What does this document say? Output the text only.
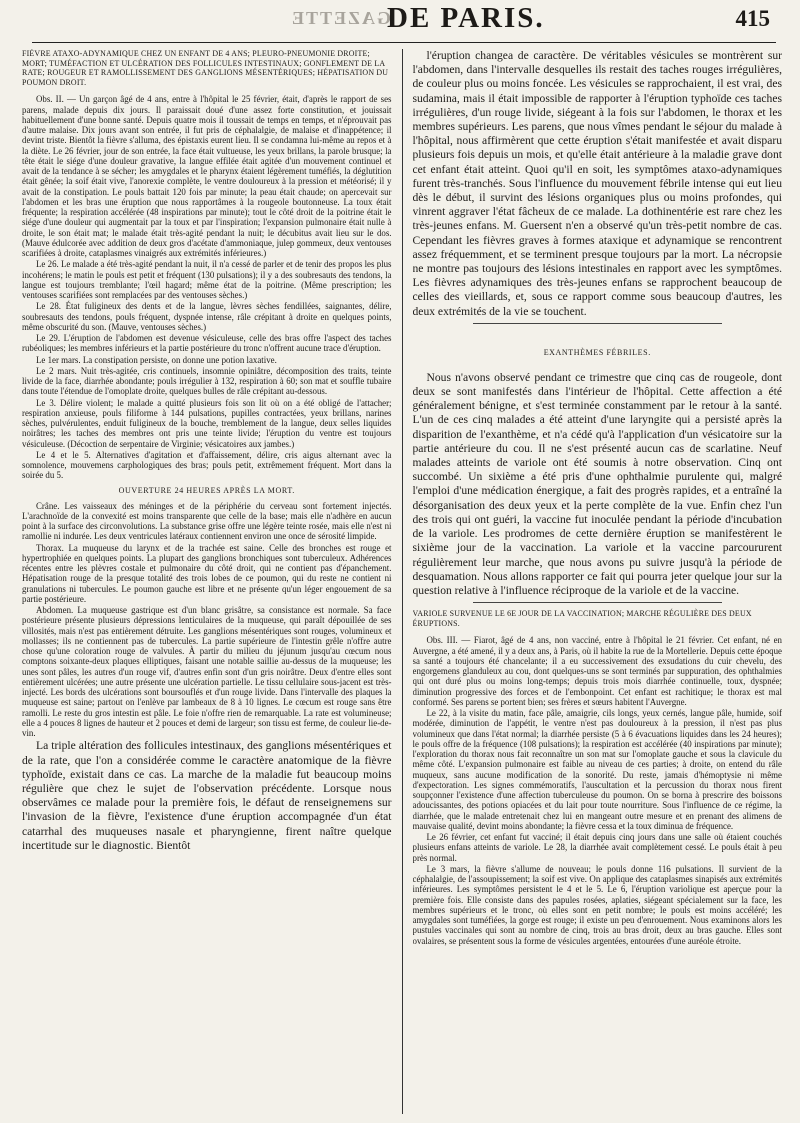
GAZETTE
DE PARIS.	415

FIÈVRE ATAXO-ADYNAMIQUE CHEZ UN ENFANT DE 4 ANS; PLEURO-PNEUMONIE DROITE; MORT; TUMÉFACTION ET ULCÉRATION DES FOLLICULES INTESTINAUX; GONFLEMENT DE LA RATE; ROUGEUR ET RAMOLLISSEMENT DES GANGLIONS MÉSENTÉRIQUES; HÉPATISATION DU POUMON DROIT.

Obs. II. — Un garçon âgé de 4 ans, entre à l'hôpital le 25 février, était, d'après le rapport de ses parens, malade depuis dix jours. Il paraissait doué d'une assez forte constitution, et jouissait habituellement d'une bonne santé. Depuis quatre mois il toussait de temps en temps, et n'éprouvait pas d'autre malaise. Dix jours avant son entrée, il fut pris de céphalalgie, de malaise et d'inappétence; il devint triste. Bientôt la fièvre s'alluma, des épistaxis eurent lieu. Il se condamna lui-même au repos et à la diète. Le 26 février, jour de son entrée, la face était vultueuse, les yeux brillans, la parole brusque; la tête était le siége d'une douleur gravative, la langue effilée était agitée d'un mouvement continuel et avait de la tendance à se sécher; les amygdales et le pharynx étaient légèrement tuméfiés, la déglutition était gênée; la soif était vive, l'anorexie complète, le ventre douloureux à la pression et météorisé; il y avait de la constipation. Le pouls battait 120 fois par minute; la peau était chaude; on apercevait sur l'abdomen et les bras une éruption que nous rapportâmes à la rougeole boutonneuse. La toux était fréquente; la respiration accélérée (48 inspirations par minute); tout le côté droit de la poitrine était le siége d'une douleur qui augmentait par la toux et par l'inspiration; l'expansion pulmonaire était nulle à droite, le son était mat; le malade était très-agité pendant la nuit; le décubitus avait lieu sur le dos. (Mauve édulcorée avec addition de deux gros d'acétate d'ammoniaque, julep gommeux, deux ventouses scarifiées à droite, cataplasmes vinaigrés aux extrémités inférieures.)

Le 26. Le malade a été très-agité pendant la nuit, il n'a cessé de parler et de tenir des propos les plus incohérens; le matin le pouls est petit et fréquent (130 pulsations); il y a des soubresauts des tendons, la langue est toujours tremblante; l'œil hagard; même état de la poitrine. (Même prescription; les ventouses scarifiées sont remplacées par des ventouses sèches.)

Le 28. État fuligineux des dents et de la langue, lèvres sèches fendillées, saignantes, délire, soubresauts des tendons, pouls fréquent, dyspnée intense, râle crépitant à droite en quelques points, même obscurité du son. (Mauve, ventouses sèches.)

Le 29. L'éruption de l'abdomen est devenue vésiculeuse, celle des bras offre l'aspect des taches rubéoliques; les membres inférieurs et la partie postérieure du tronc n'offrent aucune trace d'éruption.

Le 1er mars. La constipation persiste, on donne une potion laxative.

Le 2 mars. Nuit très-agitée, cris continuels, insomnie opiniâtre, décomposition des traits, teinte livide de la face, diarrhée abondante; pouls irrégulier à 132, respiration à 60; son mat et souffle tubaire dans toute l'étendue de l'omoplate droite, quelques bulles de râle crépitant au-dessous.

Le 3. Délire violent; le malade a quitté plusieurs fois son lit où on a été obligé de l'attacher; respiration anxieuse, pouls filiforme à 144 pulsations, pupilles contractées, yeux brillans, narines sèches, pulvérulentes, enduit fuligineux de la bouche, tremblement de la langue, deux selles liquides noirâtres; les taches des membres ont pris une teinte livide; l'éruption du ventre est toujours vésiculeuse. (Décoction de serpentaire de Virginie; vésicatoires aux jambes.)

Le 4 et le 5. Alternatives d'agitation et d'affaissement, délire, cris aigus alternant avec la somnolence, mouvemens carphologiques des bras; pouls petit, extrêmement fréquent. Mort dans la soirée du 5.

OUVERTURE 24 HEURES APRÈS LA MORT.

Crâne. Les vaisseaux des méninges et de la périphérie du cerveau sont fortement injectés. L'arachnoïde de la convexité est moins transparente que celle de la base; mais elle n'adhère en aucun point à la surface des circonvolutions. La substance grise offre une légère teinte rosée, mais elle n'est ni ramollie ni indurée. Les deux ventricules latéraux contiennent environ une once de sérosité limpide.

Thorax. La muqueuse du larynx et de la trachée est saine. Celle des bronches est rouge et hypertrophiée en quelques points. La plupart des ganglions bronchiques sont tuberculeux. Adhérences récentes entre les plèvres costale et pulmonaire du côté droit, qui ne contient pas d'épanchement. Hépatisation rouge de la presque totalité des trois lobes de ce poumon, qui du reste ne contient ni granulations ni tubercules. Le poumon gauche est libre et ne présente qu'un léger engouement de sa partie postérieure.

Abdomen. La muqueuse gastrique est d'un blanc grisâtre, sa consistance est normale. Sa face postérieure présente plusieurs dépressions lenticulaires de la muqueuse, qui paraît dépouillée de ses villosités, mais n'est pas entièrement détruite. Les ganglions mésentériques sont rouges, volumineux et mollasses; ils ne contiennent pas de tubercules. La partie supérieure de l'intestin grêle n'offre autre chose qu'une coloration rouge de valvules. À partir du milieu du jéjunum jusqu'au cœcum nous comptons soixante-deux plaques elliptiques, faisant une notable saillie au-dessus de la muqueuse; les unes sont pâles, les autres d'un rouge vif, d'autres enfin sont d'un gris noirâtre. Deux d'entre elles sont entièrement ulcérées; une autre présente une ulcération partielle. Le tissu cellulaire sous-jacent est très-injecté. Les bords des ulcérations sont boursouflés et d'un rouge livide. Dans l'intervalle des plaques la muqueuse est saine; partout on l'enlève par lambeaux de 8 à 10 lignes. Le cœcum est rouge sans être ramolli. Le reste du gros intestin est pâle. Le foie n'offre rien de remarquable. La rate est volumineuse; elle a 4 pouces 8 lignes de hauteur et 2 pouces et demi de largeur; son tissu est ferme, de couleur lie-de-vin.

La triple altération des follicules intestinaux, des ganglions mésentériques et de la rate, que l'on a considérée comme le caractère anatomique de la fièvre typhoïde, existait dans ce cas. La marche de la maladie fut beaucoup moins régulière que chez le sujet de l'observation précédente. Lorsque nous observâmes ce malade pour la première fois, le défaut de renseignemens sur l'invasion de la fièvre, l'existence d'une éruption accompagnée d'un état catarrhal des muqueuses nasale et pharyngienne, firent naître quelque incertitude sur le diagnostic. Bientôt

l'éruption changea de caractère. De véritables vésicules se montrèrent sur l'abdomen, dans l'intervalle desquelles ils restait des taches rouges irrégulières, de couleur plus ou moins foncée. Les vésicules se rapprochaient, il est vrai, des sudamina, mais il était impossible de rapporter à l'éruption typhoïde ces taches irrégulières, d'un rouge livide, siégeant à la fois sur l'abdomen, le thorax et les membres supérieurs. Les parens, que nous vîmes pendant le séjour du malade à l'hôpital, nous affirmèrent que cette éruption s'était manifestée et avait disparu plusieurs fois depuis un mois, et qu'elle était antérieure à la maladie grave dont cet enfant était atteint. Quoi qu'il en soit, les symptômes ataxo-adynamiques furent très-tranchés. Sous l'influence du mouvement fébrile intense qui eut lieu dès le début, il survint des lésions organiques plus ou moins profondes, qui vinrent aggraver l'état fâcheux de ce malade. La dothinentérie est rare chez les très-jeunes enfans. M. Guersent n'en a observé qu'un très-petit nombre de cas. Cependant les fièvres graves à formes ataxique et adynamique se rencontrent assez fréquemment, et se terminent presque toujours par la mort. La nécropsie ne montre pas toujours des lésions intestinales en rapport avec les symptômes. Les fièvres adynamiques des très-jeunes enfans se rapprochent beaucoup de celles des vieillards, et, sous ce rapport comme sous beaucoup d'autres, les deux extrémités de la vie se touchent.

EXANTHÈMES FÉBRILES.

Nous n'avons observé pendant ce trimestre que cinq cas de rougeole, dont deux se sont manifestés dans l'intérieur de l'hôpital. Cette affection a été généralement bénigne, et s'est terminée constamment par le retour à la santé. L'un de ces cinq malades a été atteint d'une laryngite qui a persisté après la disparition de l'exanthème, et n'a cédé qu'à l'application d'un vésicatoire sur la partie antérieure du cou. Il ne s'est présenté aucun cas de scarlatine. Neuf malades atteints de variole ont été soumis à notre observation. Cinq ont succombé. Un sixième a été pris d'une ophthalmie purulente qui, malgré l'emploi d'une médication énergique, a fait des progrès rapides, et a entraîné la désorganisation des deux yeux et la perte complète de la vue. Enfin chez l'un des trois qui ont guéri, la vaccine fut inoculée pendant la période d'incubation de la variole. Les prodromes de cette dernière éruption se manifestèrent le sixième jour de la vaccination. La variole et la vaccine parcoururent régulièrement leur marche, que nous avons pu suivre jusqu'à la période de desquamation. Nous allons rapporter ce fait qui pourra jeter quelque jour sur la question relative à l'influence réciproque de la variole et de la vaccine.

VARIOLE SURVENUE LE 6E JOUR DE LA VACCINATION; MARCHE RÉGULIÈRE DES DEUX ÉRUPTIONS.

Obs. III. — Fiarot, âgé de 4 ans, non vacciné, entre à l'hôpital le 21 février. Cet enfant, né en Auvergne, a été amené, il y a deux ans, à Paris, où il habite la rue de la Mortellerie. Depuis cette époque sa santé a toujours été chancelante; il a eu successivement des exsudations du cuir chevelu, des engorgemens glanduleux au cou, dont quelques-uns se sont terminés par suppuration, des ophthalmies qui ont duré plus ou moins long-temps; depuis trois mois diarrhée continuelle, toux, dyspnée; diminution progressive des forces et de l'embonpoint. Cet enfant est rachitique; le thorax est mal conformé. Ses parens se portent bien; ses frères et sœurs habitent l'Auvergne.

Le 22, à la visite du matin, face pâle, amaigrie, cils longs, yeux cernés, langue pâle, humide, soif modérée, diminution de l'appétit, le ventre n'est pas douloureux à la pression, il n'est pas plus volumineux que dans l'état normal; la diarrhée persiste (5 à 6 évacuations liquides dans les 24 heures); le pouls offre de la fréquence (108 pulsations); la respiration est accélérée (40 inspirations par minute); l'exploration du thorax nous fait reconnaître un son mat sur l'omoplate gauche et sous la clavicule du même côté. L'expansion pulmonaire est faible au niveau de ces parties; à droite, on entend du râle muqueux, sans aucune modification de la sonorité. Du reste, jamais d'hémoptysie ni même d'expectoration. Les signes commémoratifs, l'auscultation et la percussion du thorax nous firent soupçonner l'existence d'une affection tuberculeuse du poumon. On se borna à prescrire des boissons adoucissantes, des potions opiacées et du lait pour toute nourriture. Sous l'influence de ce régime, la diarrhée, que le malade entretenait chez lui en mangeant outre mesure et en prenant des alimens de mauvaise qualité, devint moins abondante; la fièvre cessa et la toux diminua de fréquence.

Le 26 février, cet enfant fut vacciné; il était depuis cinq jours dans une salle où étaient couchés plusieurs enfans atteints de variole. Le 28, la diarrhée avait complètement cessé. Le pouls était à peu près normal.

Le 3 mars, la fièvre s'allume de nouveau; le pouls donne 116 pulsations. Il survient de la céphalalgie, de l'assoupissement; la soif est vive. On applique des cataplasmes sinapisés aux extrémités inférieures. Les symptômes persistent le 4 et le 5. Le 6, l'éruption variolique est aperçue pour la première fois. Elle consiste dans des papules rosées, aplaties, siégeant spécialement sur la face, les membres supérieurs et le tronc, où elles sont en petit nombre; le pouls est moins accéléré; les amygdales sont tuméfiées, la gorge est rouge; il existe un peu d'enrouement. Nous examinons alors les pustules vaccinales qui sont au nombre de cinq, trois au bras droit, deux au bras gauche. Elles sont ovalaires, se présentent sous la forme de vésicules argentées, entourées d'une auréole étroite.
